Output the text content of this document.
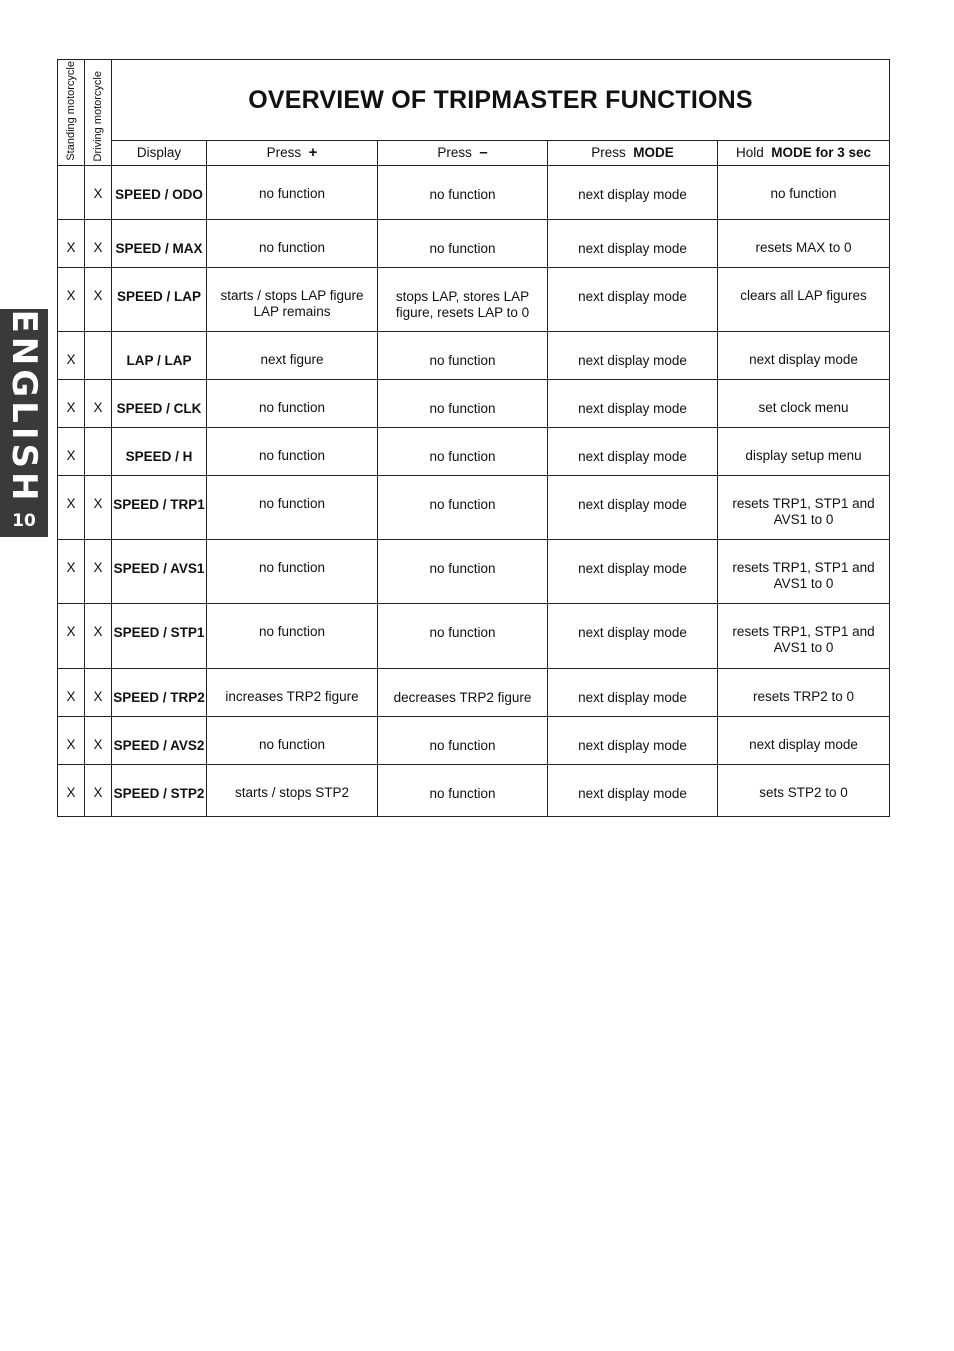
ENGLISH
10
Standing motorcycle	Driving motorcycle	OVERVIEW OF TRIPMASTER FUNCTIONS				
		Display	Press +	Press –	Press MODE	Hold MODE for 3 sec
	X	SPEED / ODO	no function	no function	next display mode	no function
X	X	SPEED / MAX	no function	no function	next display mode	resets MAX to 0
X	X	SPEED / LAP	starts / stops LAP figure LAP remains	stops LAP, stores LAP figure, resets LAP to 0	next display mode	clears all LAP figures
X		LAP / LAP	next figure	no function	next display mode	next display mode
X	X	SPEED / CLK	no function	no function	next display mode	set clock menu
X		SPEED / H	no function	no function	next display mode	display setup menu
X	X	SPEED / TRP1	no function	no function	next display mode	resets TRP1, STP1 and AVS1 to 0
X	X	SPEED / AVS1	no function	no function	next display mode	resets TRP1, STP1 and AVS1 to 0
X	X	SPEED / STP1	no function	no function	next display mode	resets TRP1, STP1 and AVS1 to 0
X	X	SPEED / TRP2	increases TRP2 figure	decreases TRP2 figure	next display mode	resets TRP2 to 0
X	X	SPEED / AVS2	no function	no function	next display mode	next display mode
X	X	SPEED / STP2	starts / stops STP2	no function	next display mode	sets STP2 to 0
